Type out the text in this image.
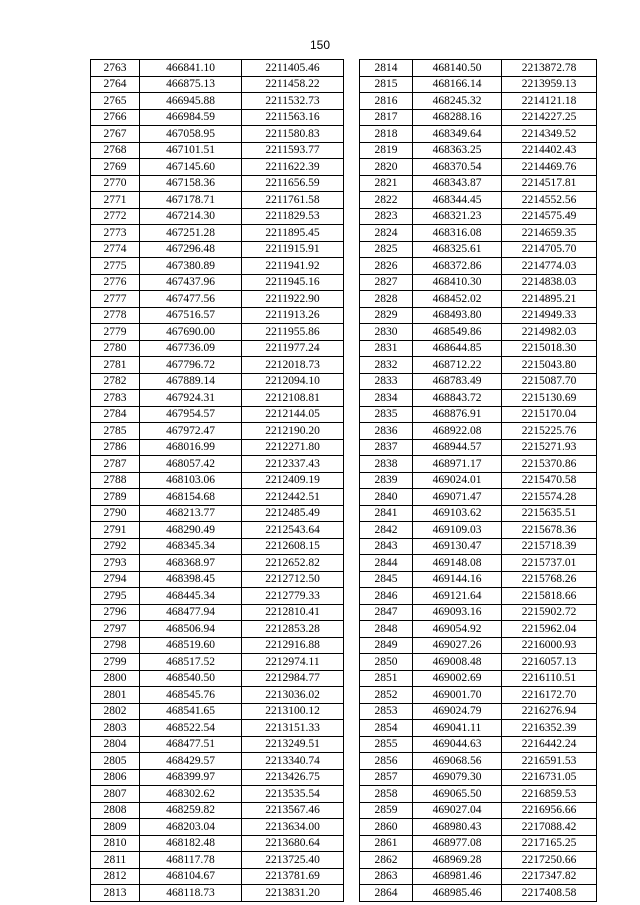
150
2763	466841.10	2211405.46
2764	466875.13	2211458.22
2765	466945.88	2211532.73
2766	466984.59	2211563.16
2767	467058.95	2211580.83
2768	467101.51	2211593.77
2769	467145.60	2211622.39
2770	467158.36	2211656.59
2771	467178.71	2211761.58
2772	467214.30	2211829.53
2773	467251.28	2211895.45
2774	467296.48	2211915.91
2775	467380.89	2211941.92
2776	467437.96	2211945.16
2777	467477.56	2211922.90
2778	467516.57	2211913.26
2779	467690.00	2211955.86
2780	467736.09	2211977.24
2781	467796.72	2212018.73
2782	467889.14	2212094.10
2783	467924.31	2212108.81
2784	467954.57	2212144.05
2785	467972.47	2212190.20
2786	468016.99	2212271.80
2787	468057.42	2212337.43
2788	468103.06	2212409.19
2789	468154.68	2212442.51
2790	468213.77	2212485.49
2791	468290.49	2212543.64
2792	468345.34	2212608.15
2793	468368.97	2212652.82
2794	468398.45	2212712.50
2795	468445.34	2212779.33
2796	468477.94	2212810.41
2797	468506.94	2212853.28
2798	468519.60	2212916.88
2799	468517.52	2212974.11
2800	468540.50	2212984.77
2801	468545.76	2213036.02
2802	468541.65	2213100.12
2803	468522.54	2213151.33
2804	468477.51	2213249.51
2805	468429.57	2213340.74
2806	468399.97	2213426.75
2807	468302.62	2213535.54
2808	468259.82	2213567.46
2809	468203.04	2213634.00
2810	468182.48	2213680.64
2811	468117.78	2213725.40
2812	468104.67	2213781.69
2813	468118.73	2213831.20
2814	468140.50	2213872.78
2815	468166.14	2213959.13
2816	468245.32	2214121.18
2817	468288.16	2214227.25
2818	468349.64	2214349.52
2819	468363.25	2214402.43
2820	468370.54	2214469.76
2821	468343.87	2214517.81
2822	468344.45	2214552.56
2823	468321.23	2214575.49
2824	468316.08	2214659.35
2825	468325.61	2214705.70
2826	468372.86	2214774.03
2827	468410.30	2214838.03
2828	468452.02	2214895.21
2829	468493.80	2214949.33
2830	468549.86	2214982.03
2831	468644.85	2215018.30
2832	468712.22	2215043.80
2833	468783.49	2215087.70
2834	468843.72	2215130.69
2835	468876.91	2215170.04
2836	468922.08	2215225.76
2837	468944.57	2215271.93
2838	468971.17	2215370.86
2839	469024.01	2215470.58
2840	469071.47	2215574.28
2841	469103.62	2215635.51
2842	469109.03	2215678.36
2843	469130.47	2215718.39
2844	469148.08	2215737.01
2845	469144.16	2215768.26
2846	469121.64	2215818.66
2847	469093.16	2215902.72
2848	469054.92	2215962.04
2849	469027.26	2216000.93
2850	469008.48	2216057.13
2851	469002.69	2216110.51
2852	469001.70	2216172.70
2853	469024.79	2216276.94
2854	469041.11	2216352.39
2855	469044.63	2216442.24
2856	469068.56	2216591.53
2857	469079.30	2216731.05
2858	469065.50	2216859.53
2859	469027.04	2216956.66
2860	468980.43	2217088.42
2861	468977.08	2217165.25
2862	468969.28	2217250.66
2863	468981.46	2217347.82
2864	468985.46	2217408.58
